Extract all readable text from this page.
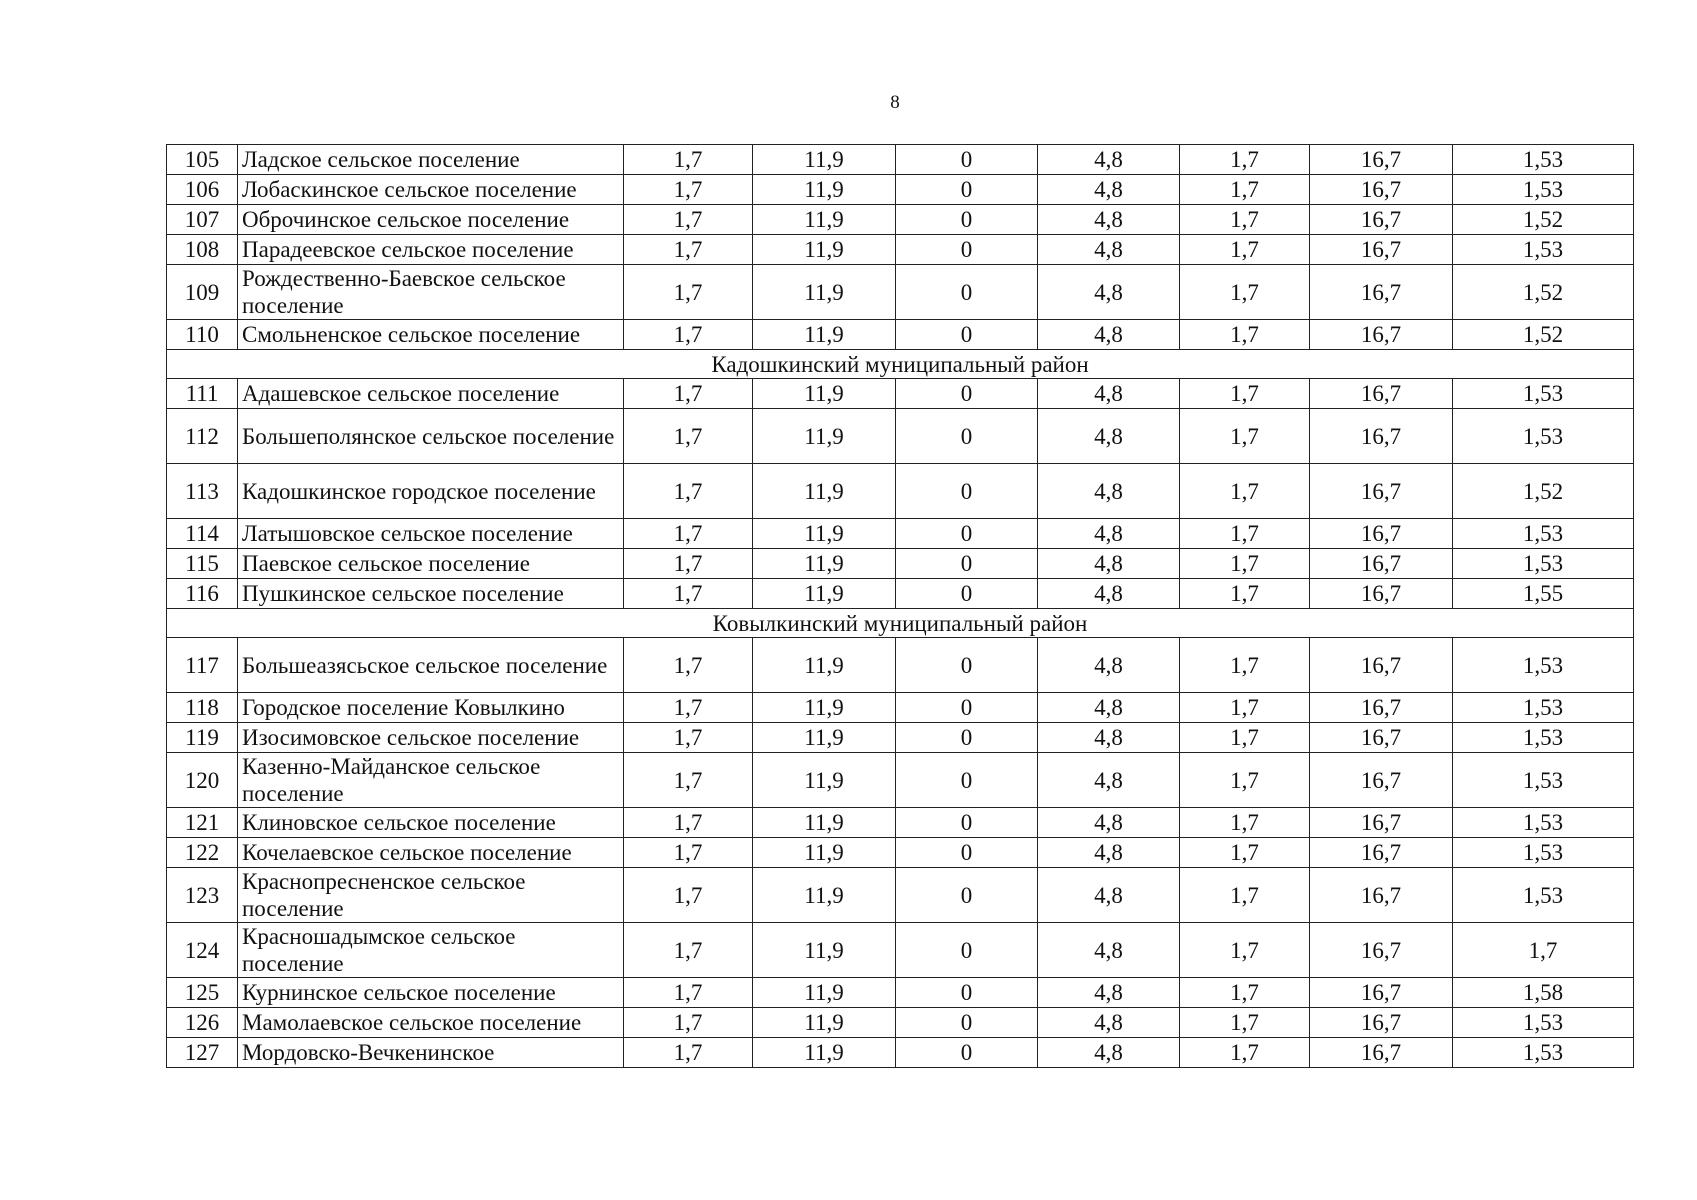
8
105	Ладское сельское поселение	1,7	11,9	0	4,8	1,7	16,7	1,53
106	Лобаскинское сельское поселение	1,7	11,9	0	4,8	1,7	16,7	1,53
107	Оброчинское сельское поселение	1,7	11,9	0	4,8	1,7	16,7	1,52
108	Парадеевское сельское поселение	1,7	11,9	0	4,8	1,7	16,7	1,53
109	Рождественно-Баевское сельское поселение	1,7	11,9	0	4,8	1,7	16,7	1,52
110	Смольненское сельское поселение	1,7	11,9	0	4,8	1,7	16,7	1,52
Кадошкинский муниципальный район								
111	Адашевское сельское поселение	1,7	11,9	0	4,8	1,7	16,7	1,53
112	Большеполянское сельское поселение	1,7	11,9	0	4,8	1,7	16,7	1,53
113	Кадошкинское городское поселение	1,7	11,9	0	4,8	1,7	16,7	1,52
114	Латышовское сельское поселение	1,7	11,9	0	4,8	1,7	16,7	1,53
115	Паевское сельское поселение	1,7	11,9	0	4,8	1,7	16,7	1,53
116	Пушкинское сельское поселение	1,7	11,9	0	4,8	1,7	16,7	1,55
Ковылкинский муниципальный район								
117	Большеазясьское сельское поселение	1,7	11,9	0	4,8	1,7	16,7	1,53
118	Городское поселение Ковылкино	1,7	11,9	0	4,8	1,7	16,7	1,53
119	Изосимовское сельское поселение	1,7	11,9	0	4,8	1,7	16,7	1,53
120	Казенно-Майданское сельское поселение	1,7	11,9	0	4,8	1,7	16,7	1,53
121	Клиновское сельское поселение	1,7	11,9	0	4,8	1,7	16,7	1,53
122	Кочелаевское сельское поселение	1,7	11,9	0	4,8	1,7	16,7	1,53
123	Краснопресненское сельское поселение	1,7	11,9	0	4,8	1,7	16,7	1,53
124	Красношадымское сельское поселение	1,7	11,9	0	4,8	1,7	16,7	1,7
125	Курнинское сельское поселение	1,7	11,9	0	4,8	1,7	16,7	1,58
126	Мамолаевское сельское поселение	1,7	11,9	0	4,8	1,7	16,7	1,53
127	Мордовско-Вечкенинское	1,7	11,9	0	4,8	1,7	16,7	1,53
